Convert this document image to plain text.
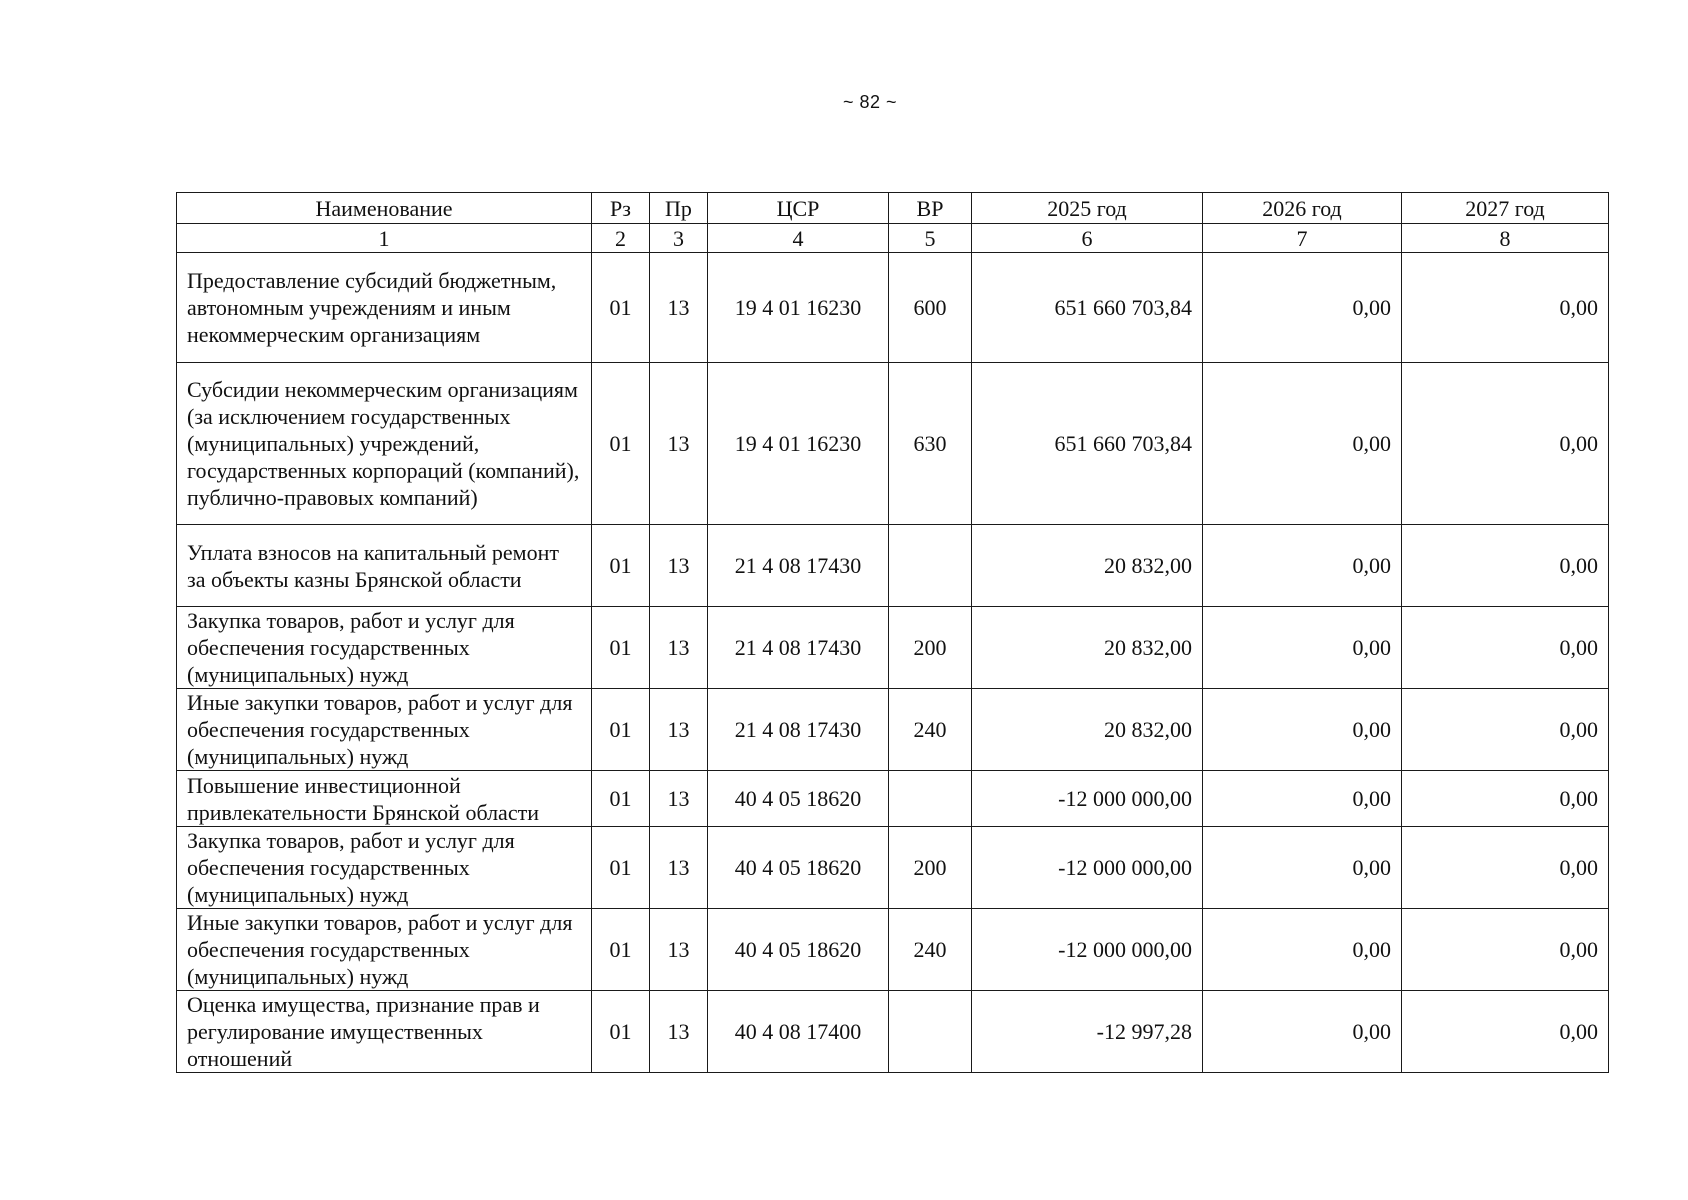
~ 82 ~
Наименование	Рз	Пр	ЦСР	ВР	2025 год	2026 год	2027 год
1	2	3	4	5	6	7	8
Предоставление субсидий бюджетным, автономным учреждениям и иным некоммерческим организациям	01	13	19 4 01 16230	600	651 660 703,84	0,00	0,00
Субсидии некоммерческим организациям (за исключением государственных (муниципальных) учреждений, государственных корпораций (компаний), публично-правовых компаний)	01	13	19 4 01 16230	630	651 660 703,84	0,00	0,00
Уплата взносов на капитальный ремонт за объекты казны Брянской области	01	13	21 4 08 17430		20 832,00	0,00	0,00
Закупка товаров, работ и услуг для обеспечения государственных (муниципальных) нужд	01	13	21 4 08 17430	200	20 832,00	0,00	0,00
Иные закупки товаров, работ и услуг для обеспечения государственных (муниципальных) нужд	01	13	21 4 08 17430	240	20 832,00	0,00	0,00
Повышение инвестиционной привлекательности Брянской области	01	13	40 4 05 18620		-12 000 000,00	0,00	0,00
Закупка товаров, работ и услуг для обеспечения государственных (муниципальных) нужд	01	13	40 4 05 18620	200	-12 000 000,00	0,00	0,00
Иные закупки товаров, работ и услуг для обеспечения государственных (муниципальных) нужд	01	13	40 4 05 18620	240	-12 000 000,00	0,00	0,00
Оценка имущества, признание прав и регулирование имущественных отношений	01	13	40 4 08 17400		-12 997,28	0,00	0,00
